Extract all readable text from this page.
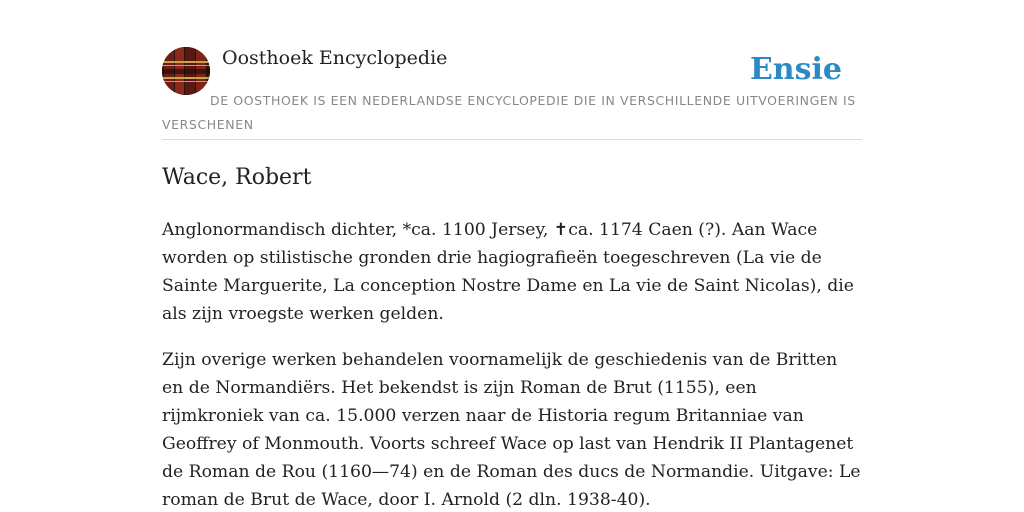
Oosthoek Encyclopedie	Ensie
DE OOSTHOEK IS EEN NEDERLANDSE ENCYCLOPEDIE DIE IN VERSCHILLENDE UITVOERINGEN IS VERSCHENEN
Wace, Robert

Anglonormandisch dichter, *ca. 1100 Jersey, ✝ca. 1174 Caen (?). Aan Wace worden op stilistische gronden drie hagiografieën toegeschreven (La vie de Sainte Marguerite, La conception Nostre Dame en La vie de Saint Nicolas), die als zijn vroegste werken gelden.

Zijn overige werken behandelen voornamelijk de geschiedenis van de Britten en de Normandiërs. Het bekendst is zijn Roman de Brut (1155), een rijmkroniek van ca. 15.000 verzen naar de Historia regum Britanniae van Geoffrey of Monmouth. Voorts schreef Wace op last van Hendrik II Plantagenet de Roman de Rou (1160—74) en de Roman des ducs de Normandie. Uitgave: Le roman de Brut de Wace, door I. Arnold (2 dln. 1938-40).
